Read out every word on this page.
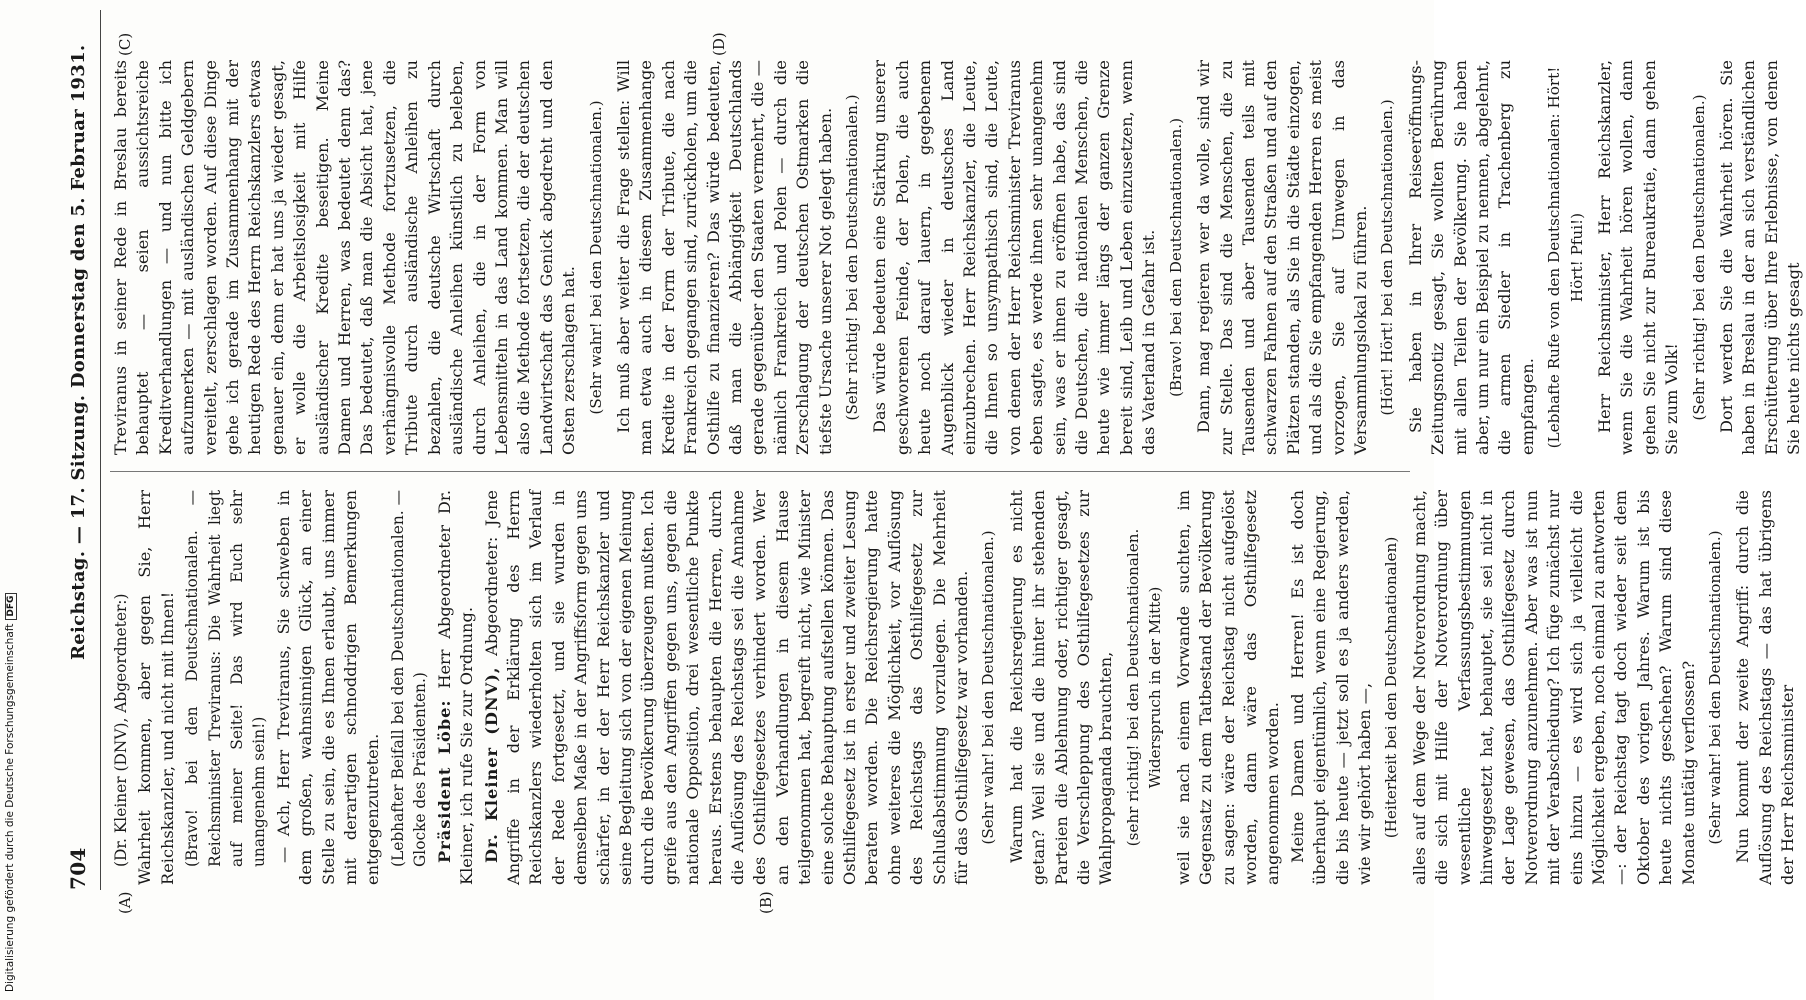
704
Reichstag. — 17. Sitzung. Donnerstag den 5. Februar 1931.
(A)	(B)
(C)	(D)

(Dr. Kleiner (DNV), Abgeordneter:) Wahrheit kommen, aber gegen Sie, Herr Reichskanzler, und nicht mit Ihnen! (Bravo! bei den Deutschnationalen. — Reichsminister Treviranus: Die Wahrheit liegt auf meiner Seite! Das wird Euch sehr unangenehm sein!) — Ach, Herr Treviranus, Sie schweben in dem großen, wahnsinnigen Glück, an einer Stelle zu sein, die es Ihnen erlaubt, uns immer mit derartigen schnoddrigen Bemerkungen entgegenzutreten. (Lebhafter Beifall bei den Deutschnationalen. — Glocke des Präsidenten.) Präsident Löbe: Herr Abgeordneter Dr. Kleiner, ich rufe Sie zur Ordnung. Dr. Kleiner (DNV), Abgeordneter: Jene Angriffe in der Erklärung des Herrn Reichskanzlers wiederholten sich im Verlauf der Rede fortgesetzt, und sie wurden in demselben Maße in der Angriffsform gegen uns schärfer, in der der Herr Reichskanzler und seine Begleitung sich von der eigenen Meinung durch die Bevölkerung überzeugen mußten. Ich greife aus den Angriffen gegen uns, gegen die nationale Opposition, drei wesentliche Punkte heraus. Erstens behaupten die Herren, durch die Auflösung des Reichstags sei die Annahme des Osthilfegesetzes verhindert worden. Wer an den Verhandlungen in diesem Hause teilgenommen hat, begreift nicht, wie Minister eine solche Behauptung aufstellen können. Das Osthilfegesetz ist in erster und zweiter Lesung beraten worden. Die Reichsregierung hatte ohne weiteres die Möglichkeit, vor Auflösung des Reichstags das Osthilfegesetz zur Schlußabstimmung vorzulegen. Die Mehrheit für das Osthilfegesetz war vorhanden. (Sehr wahr! bei den Deutschnationalen.) Warum hat die Reichsregierung es nicht getan? Weil sie und die hinter ihr stehenden Parteien die Ablehnung oder, richtiger gesagt, die Verschleppung des Osthilfegesetzes zur Wahlpropaganda brauchten, (sehr richtig! bei den Deutschnationalen. Widerspruch in der Mitte) weil sie nach einem Vorwande suchten, im Gegensatz zu dem Tatbestand der Bevölkerung zu sagen: wäre der Reichstag nicht aufgelöst worden, dann wäre das Osthilfegesetz angenommen worden. Meine Damen und Herren! Es ist doch überhaupt eigentümlich, wenn eine Regierung, die bis heute — jetzt soll es ja anders werden, wie wir gehört haben —, (Heiterkeit bei den Deutschnationalen) alles auf dem Wege der Notverordnung macht, die sich mit Hilfe der Notverordnung über wesentliche Verfassungsbestimmungen hinweggesetzt hat, behauptet, sie sei nicht in der Lage gewesen, das Osthilfegesetz durch Notverordnung anzunehmen. Aber was ist nun mit der Verabschiedung? Ich füge zunächst nur eins hinzu — es wird sich ja vielleicht die Möglichkeit ergeben, noch einmal zu antworten —: der Reichstag tagt doch wieder seit dem Oktober des vorigen Jahres. Warum ist bis heute nichts geschehen? Warum sind diese Monate untätig verflossen? (Sehr wahr! bei den Deutschnationalen.) Nun kommt der zweite Angriff: durch die Auflösung des Reichstags — das hat übrigens der Herr Reichsminister

Treviranus in seiner Rede in Breslau bereits behauptet — seien aussichtsreiche Kreditverhandlungen — und nun bitte ich aufzumerken — mit ausländischen Geldgebern vereitelt, zerschlagen worden. Auf diese Dinge gehe ich gerade im Zusammenhang mit der heutigen Rede des Herrn Reichskanzlers etwas genauer ein, denn er hat uns ja wieder gesagt, er wolle die Arbeitslosigkeit mit Hilfe ausländischer Kredite beseitigen. Meine Damen und Herren, was bedeutet denn das? Das bedeutet, daß man die Absicht hat, jene verhängnisvolle Methode fortzusetzen, die Tribute durch ausländische Anleihen zu bezahlen, die deutsche Wirtschaft durch ausländische Anleihen künstlich zu beleben, durch Anleihen, die in der Form von Lebensmitteln in das Land kommen. Man will also die Methode fortsetzen, die der deutschen Landwirtschaft das Genick abgedreht und den Osten zerschlagen hat. (Sehr wahr! bei den Deutschnationalen.) Ich muß aber weiter die Frage stellen: Will man etwa auch in diesem Zusammenhange Kredite in der Form der Tribute, die nach Frankreich gegangen sind, zurückholen, um die Osthilfe zu finanzieren? Das würde bedeuten, daß man die Abhängigkeit Deutschlands gerade gegenüber den Staaten vermehrt, die — nämlich Frankreich und Polen — durch die Zerschlagung der deutschen Ostmarken die tiefste Ursache unserer Not gelegt haben. (Sehr richtig! bei den Deutschnationalen.) Das würde bedeuten eine Stärkung unserer geschworenen Feinde, der Polen, die auch heute noch darauf lauern, in gegebenem Augenblick wieder in deutsches Land einzubrechen. Herr Reichskanzler, die Leute, die Ihnen so unsympathisch sind, die Leute, von denen der Herr Reichsminister Treviranus eben sagte, es werde ihnen sehr unangenehm sein, was er ihnen zu eröffnen habe, das sind die Deutschen, die nationalen Menschen, die heute wie immer längs der ganzen Grenze bereit sind, Leib und Leben einzusetzen, wenn das Vaterland in Gefahr ist. (Bravo! bei den Deutschnationalen.) Dann, mag regieren wer da wolle, sind wir zur Stelle. Das sind die Menschen, die zu Tausenden und aber Tausenden teils mit schwarzen Fahnen auf den Straßen und auf den Plätzen standen, als Sie in die Städte einzogen, und als die Sie empfangenden Herren es meist vorzogen, Sie auf Umwegen in das Versammlungslokal zu führen. (Hört! Hört! bei den Deutschnationalen.) Sie haben in Ihrer Reiseeröffnungs-Zeitungsnotiz gesagt, Sie wollten Berührung mit allen Teilen der Bevölkerung. Sie haben aber, um nur ein Beispiel zu nennen, abgelehnt, die armen Siedler in Trachenberg zu empfangen. (Lebhafte Rufe von den Deutschnationalen: Hört! Hört! Pfui!) Herr Reichsminister, Herr Reichskanzler, wenn Sie die Wahrheit hören wollen, dann gehen Sie nicht zur Bureaukratie, dann gehen Sie zum Volk! (Sehr richtig! bei den Deutschnationalen.) Dort werden Sie die Wahrheit hören. Sie haben in Breslau in der an sich verständlichen Erschütterung über Ihre Erlebnisse, von denen Sie heute nichts gesagt

Digitalisierung gefördert durch die Deutsche ForschungsgemeinschaftDFG
